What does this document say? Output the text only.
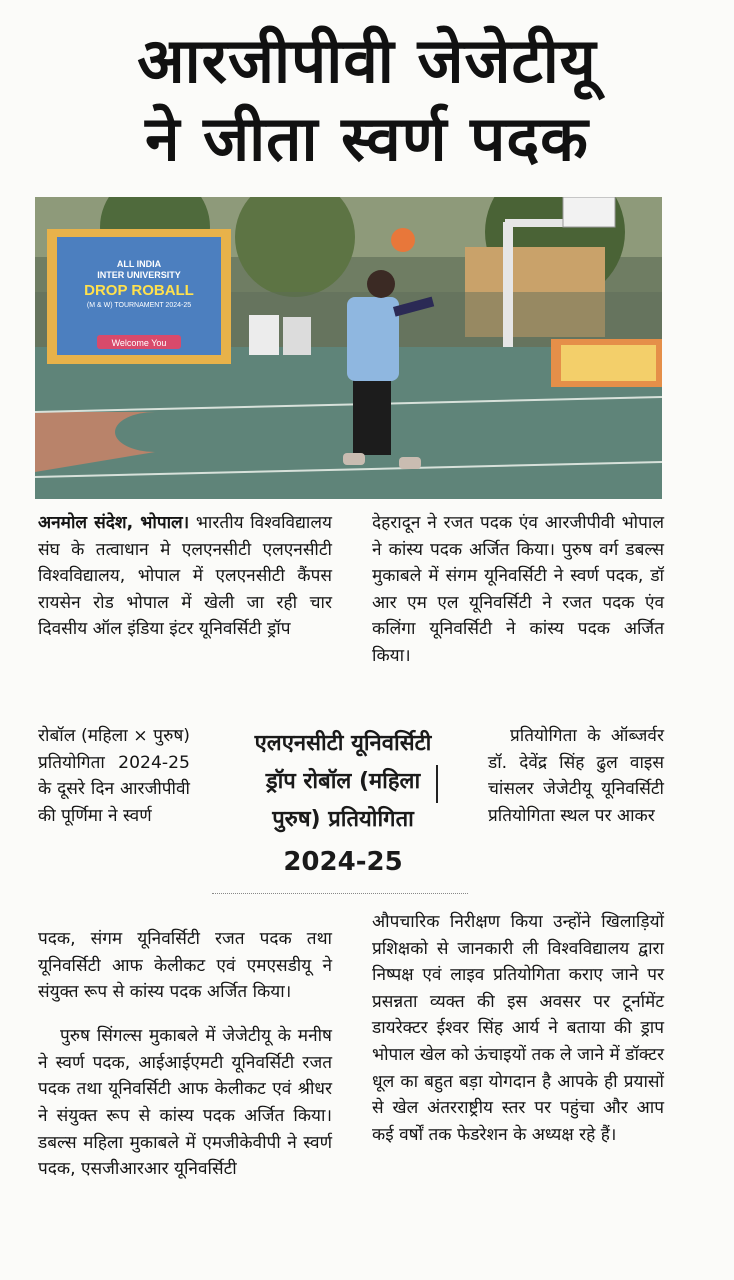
आरजीपीवी जेजेटीयू
ने जीता स्वर्ण पदक
ALL INDIA
INTER UNIVERSITY
DROP ROBALL
(M & W) TOURNAMENT 2024-25
Welcome You

अनमोल संदेश, भोपाल। भारतीय विश्वविद्यालय संघ के तत्वाधान मे एलएनसीटी एलएनसीटी विश्वविद्यालय, भोपाल में एलएनसीटी कैंपस रायसेन रोड भोपाल में खेली जा रही चार दिवसीय ऑल इंडिया इंटर यूनिवर्सिटी ड्रॉप

रोबॉल (महिला × पुरुष) प्रतियोगिता 2024-25 के दूसरे दिन आरजीपीवी की पूर्णिमा ने स्वर्ण
एलएनसीटी यूनिवर्सिटी
ड्रॉप रोबॉल (महिला
पुरुष) प्रतियोगिता
2024-25

पदक, संगम यूनिवर्सिटी रजत पदक तथा यूनिवर्सिटी आफ केलीकट एवं एमएसडीयू ने संयुक्त रूप से कांस्य पदक अर्जित किया।

पुरुष सिंगल्स मुकाबले में जेजेटीयू के मनीष ने स्वर्ण पदक, आईआईएमटी यूनिवर्सिटी रजत पदक तथा यूनिवर्सिटी आफ केलीकट एवं श्रीधर ने संयुक्त रूप से कांस्य पदक अर्जित किया। डबल्स महिला मुकाबले में एमजीकेवीपी ने स्वर्ण पदक, एसजीआरआर यूनिवर्सिटी

देहरादून ने रजत पदक एंव आरजीपीवी भोपाल ने कांस्य पदक अर्जित किया। पुरुष वर्ग डबल्स मुकाबले में संगम यूनिवर्सिटी ने स्वर्ण पदक, डॉ आर एम एल यूनिवर्सिटी ने रजत पदक एंव कलिंगा यूनिवर्सिटी ने कांस्य पदक अर्जित किया।

प्रतियोगिता के ऑब्जर्वर डॉ. देवेंद्र सिंह ढुल वाइस चांसलर जेजेटीयू यूनिवर्सिटी प्रतियोगिता स्थल पर आकर
औपचारिक निरीक्षण किया उन्होंने खिलाड़ियों प्रशिक्षको से जानकारी ली विश्वविद्यालय द्वारा निष्पक्ष एवं लाइव प्रतियोगिता कराए जाने पर प्रसन्नता व्यक्त की इस अवसर पर टूर्नामेंट डायरेक्टर ईश्वर सिंह आर्य ने बताया की ड्राप भोपाल खेल को ऊंचाइयों तक ले जाने में डॉक्टर धूल का बहुत बड़ा योगदान है आपके ही प्रयासों से खेल अंतरराष्ट्रीय स्तर पर पहुंचा और आप कई वर्षों तक फेडरेशन के अध्यक्ष रहे हैं।
